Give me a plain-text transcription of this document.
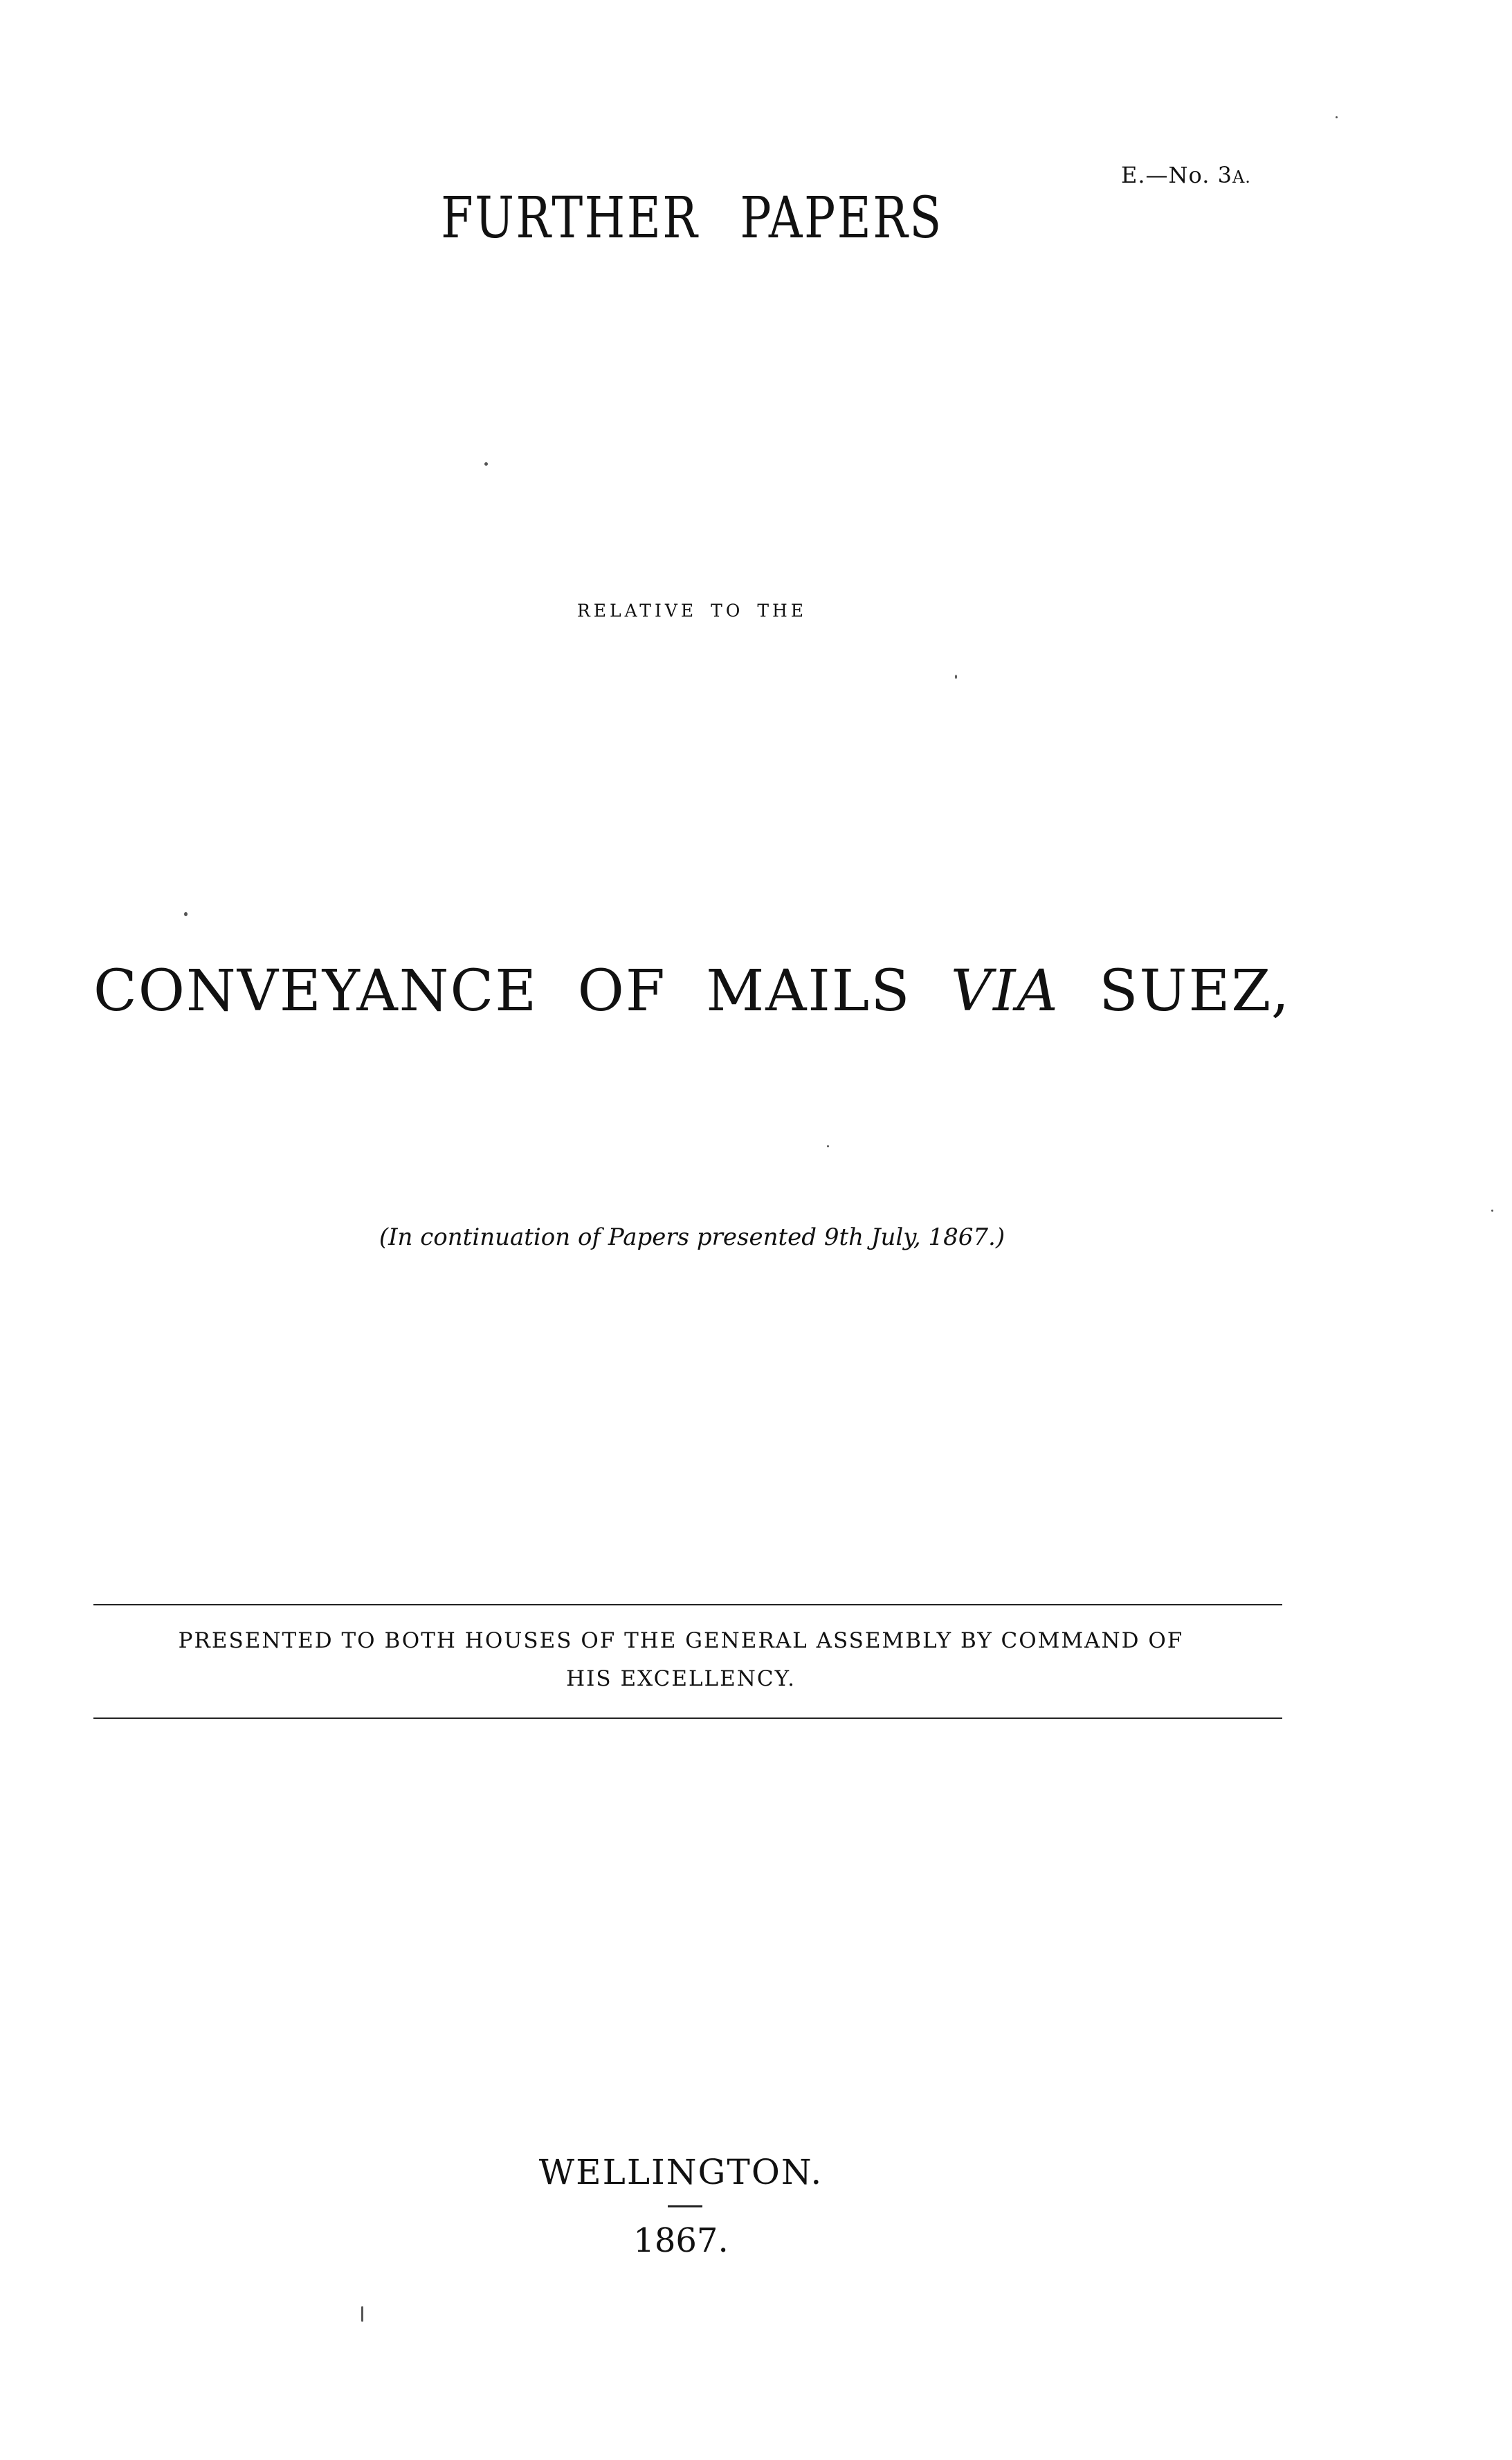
E.—No. 3A.
FURTHER PAPERS
RELATIVE TO THE
CONVEYANCE OF MAILS VIA SUEZ,
(In continuation of Papers presented 9th July, 1867.)
PRESENTED TO BOTH HOUSES OF THE GENERAL ASSEMBLY BY COMMAND OF
HIS EXCELLENCY.
WELLINGTON.
1867.
